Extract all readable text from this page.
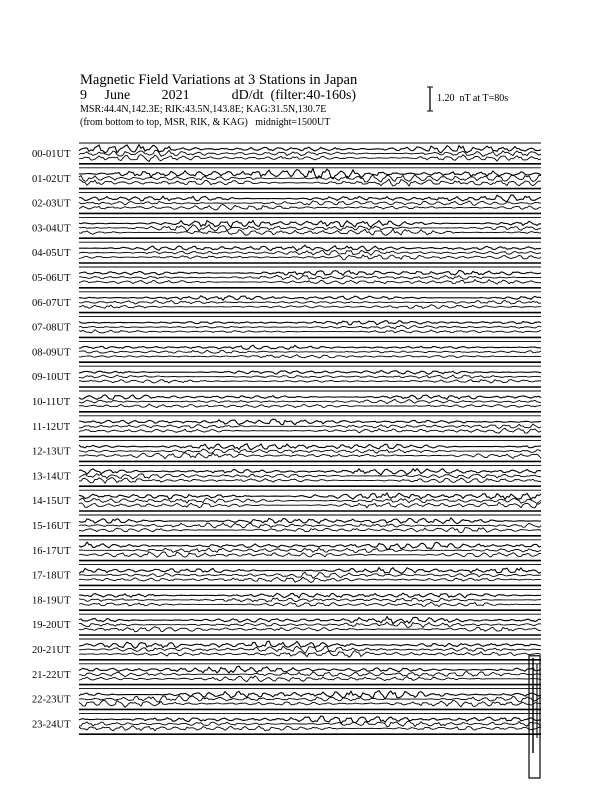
Magnetic Field Variations at 3 Stations in Japan
9 June 2021	dD/dt  (filter:40-160s)
MSR:44.4N,142.3E; RIK:43.5N,143.8E; KAG:31.5N,130.7E
(from bottom to top, MSR, RIK, & KAG)   midnight=1500UT
1.20  nT at T=80s
00-01UT
01-02UT
02-03UT
03-04UT
04-05UT
05-06UT
06-07UT
07-08UT
08-09UT
09-10UT
10-11UT
11-12UT
12-13UT
13-14UT
14-15UT
15-16UT
16-17UT
17-18UT
18-19UT
19-20UT
20-21UT
21-22UT
22-23UT
23-24UT
